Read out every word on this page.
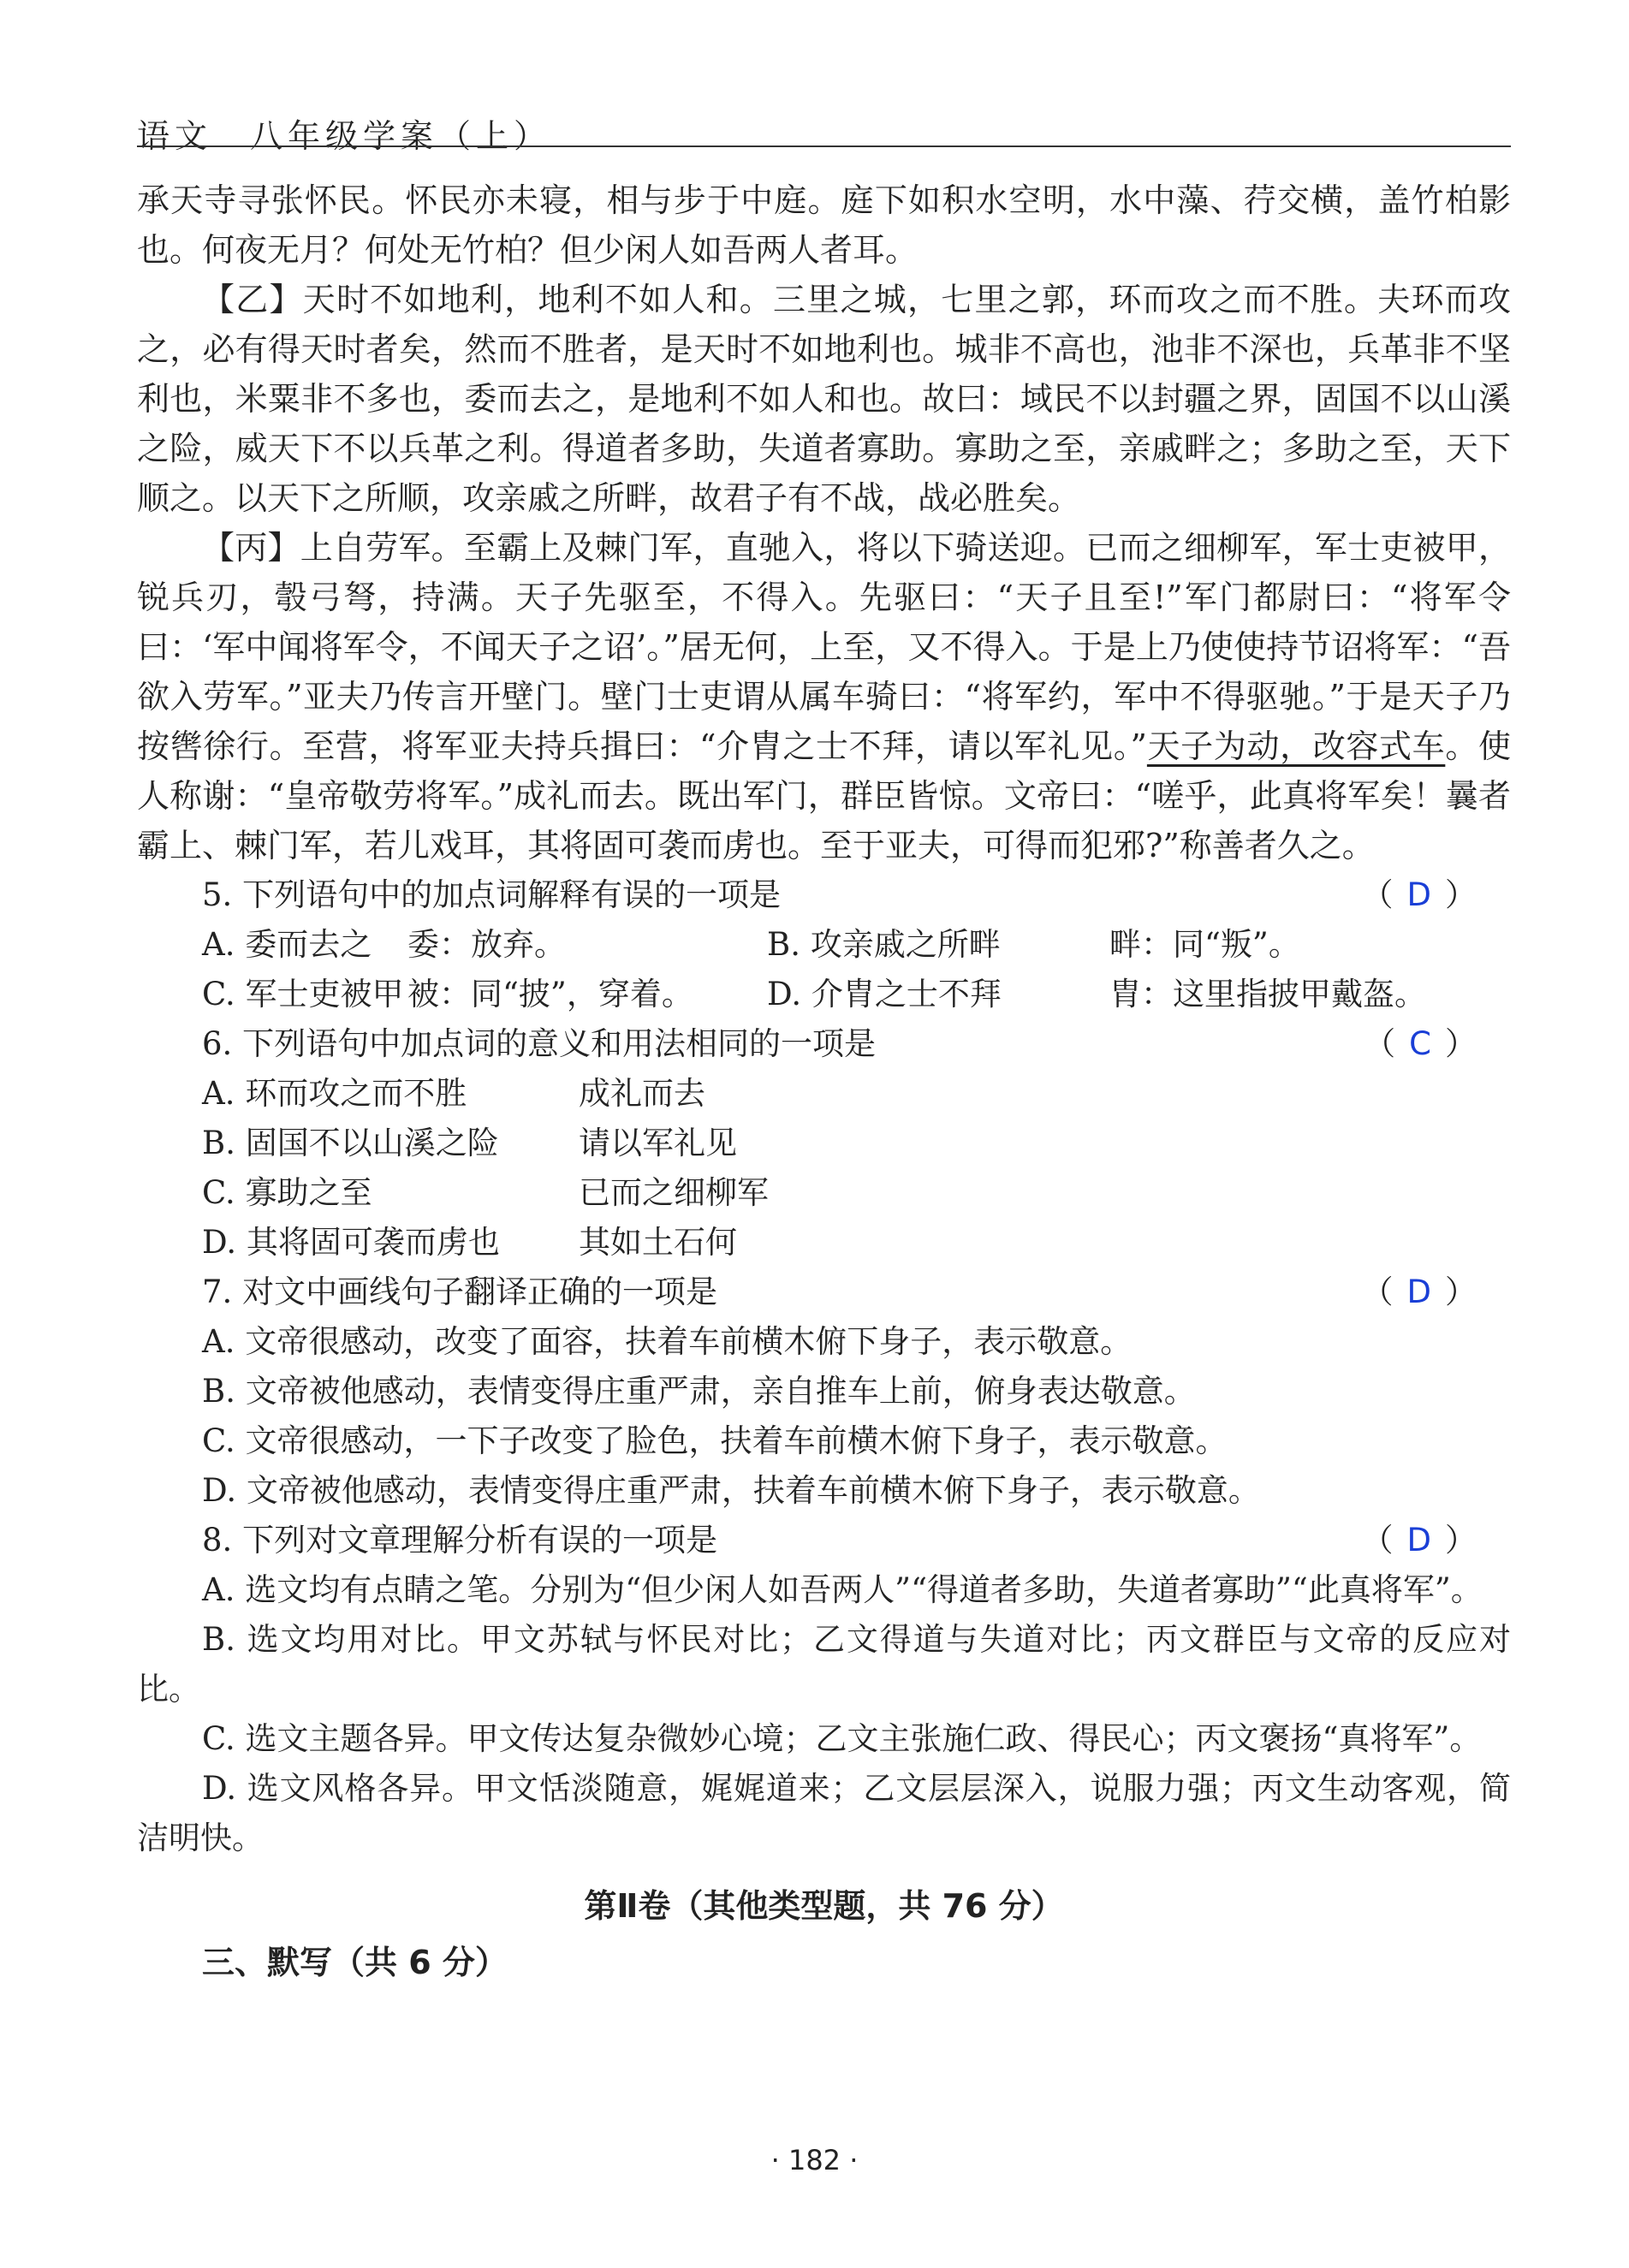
语文　八年级学案（上）

承天寺寻张怀民。怀民亦未寝，相与步于中庭。庭下如积水空明，水中藻、荇交横，盖竹柏影也。何夜无月？何处无竹柏？但少闲人如吾两人者耳。

【乙】天时不如地利，地利不如人和。三里之城，七里之郭，环而攻之而不胜。夫环而攻之，必有得天时者矣，然而不胜者，是天时不如地利也。城非不高也，池非不深也，兵革非不坚利也，米粟非不多也，委而去之，是地利不如人和也。故曰：域民不以封疆之界，固国不以山溪之险，威天下不以兵革之利。得道者多助，失道者寡助。寡助之至，亲戚畔之；多助之至，天下顺之。以天下之所顺，攻亲戚之所畔，故君子有不战，战必胜矣。

【丙】上自劳军。至霸上及棘门军，直驰入，将以下骑送迎。已而之细柳军，军士吏被甲，锐兵刃，彀弓弩，持满。天子先驱至，不得入。先驱曰：“天子且至!”军门都尉曰：“将军令曰：‘军中闻将军令，不闻天子之诏’。”居无何，上至，又不得入。于是上乃使使持节诏将军：“吾欲入劳军。”亚夫乃传言开壁门。壁门士吏谓从属车骑曰：“将军约，军中不得驱驰。”于是天子乃按辔徐行。至营，将军亚夫持兵揖曰：“介胄之士不拜，请以军礼见。”天子为动，改容式车。使人称谢：“皇帝敬劳将军。”成礼而去。既出军门，群臣皆惊。文帝曰：“嗟乎，此真将军矣！曩者霸上、棘门军，若儿戏耳，其将固可袭而虏也。至于亚夫，可得而犯邪?”称善者久之。

5. 下列语句中的加点词解释有误的一项是	（ D ）

A. 委而去之	委：放弃。	B. 攻亲戚之所畔	畔：同“叛”。
C. 军士吏被甲 被：同“披”，穿着。	D. 介胄之士不拜	胄：这里指披甲戴盔。

6. 下列语句中加点词的意义和用法相同的一项是	（ C ）

A. 环而攻之而不胜	成礼而去
B. 固国不以山溪之险	请以军礼见
C. 寡助之至	已而之细柳军
D. 其将固可袭而虏也	其如土石何

7. 对文中画线句子翻译正确的一项是	（ D ）

A. 文帝很感动，改变了面容，扶着车前横木俯下身子，表示敬意。

B. 文帝被他感动，表情变得庄重严肃，亲自推车上前，俯身表达敬意。

C. 文帝很感动，一下子改变了脸色，扶着车前横木俯下身子，表示敬意。

D. 文帝被他感动，表情变得庄重严肃，扶着车前横木俯下身子，表示敬意。

8. 下列对文章理解分析有误的一项是	（ D ）

A. 选文均有点睛之笔。分别为“但少闲人如吾两人”“得道者多助，失道者寡助”“此真将军”。

B. 选文均用对比。甲文苏轼与怀民对比；乙文得道与失道对比；丙文群臣与文帝的反应对比。

C. 选文主题各异。甲文传达复杂微妙心境；乙文主张施仁政、得民心；丙文褒扬“真将军”。

D. 选文风格各异。甲文恬淡随意，娓娓道来；乙文层层深入，说服力强；丙文生动客观，简洁明快。

第Ⅱ卷（其他类型题，共 76 分）

三、默写（共 6 分）

· 182 ·
